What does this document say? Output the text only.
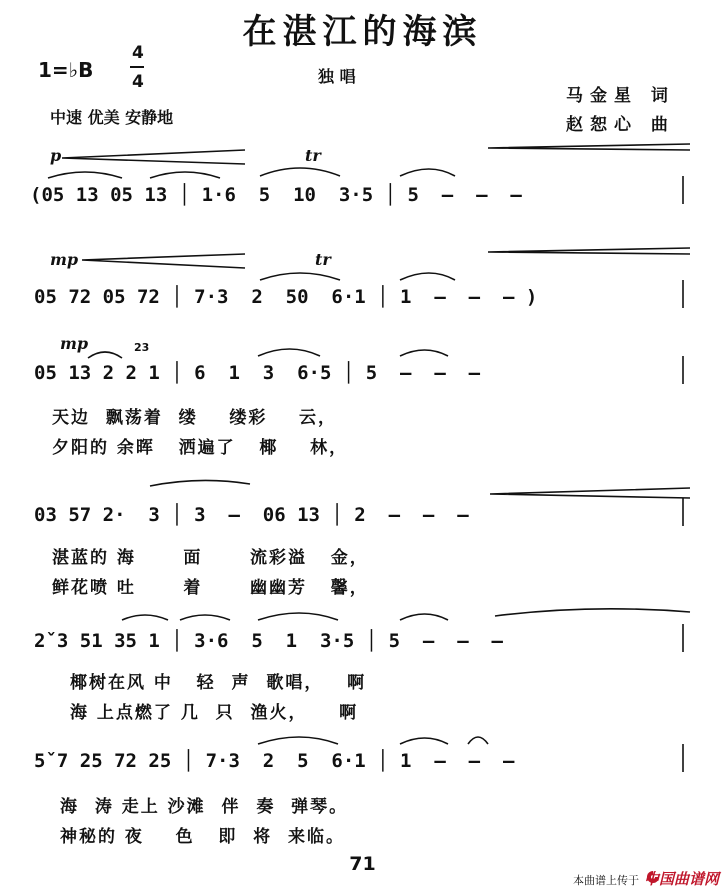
在湛江的海滨
1=♭B
4
4	独 唱
中速 优美 安静地
马金星 词
赵恕心 曲
p	tr
(05 13 05 13 │ 1·6  5  10  3·5 │ 5  —  —  —
mp	tr
05 72 05 72 │ 7·3  2  50  6·1 │ 1  —  —  — )
mp	23
05 13 2 2 1 │ 6  1  3  6·5 │ 5  —  —  —
天边  飘荡着  缕    缕彩    云，
夕阳的 余晖   洒遍了   椰    林，
03 57 2·  3 │ 3  —  06 13 │ 2  —  —  —
湛蓝的 海      面      流彩溢   金，
鲜花喷 吐      着      幽幽芳   馨，
2ˇ3 51 35 1 │ 3·6  5  1  3·5 │ 5  —  —  —
椰树在风 中   轻  声  歌唱，   啊
海 上点燃了 几  只  渔火，    啊
5ˇ7 25 72 25 │ 7·3  2  5  6·1 │ 1  —  —  —
海  涛 走上 沙滩  伴  奏  弹琴。
神秘的 夜    色   即  将  来临。
71
本曲谱上传于 中国曲谱网
